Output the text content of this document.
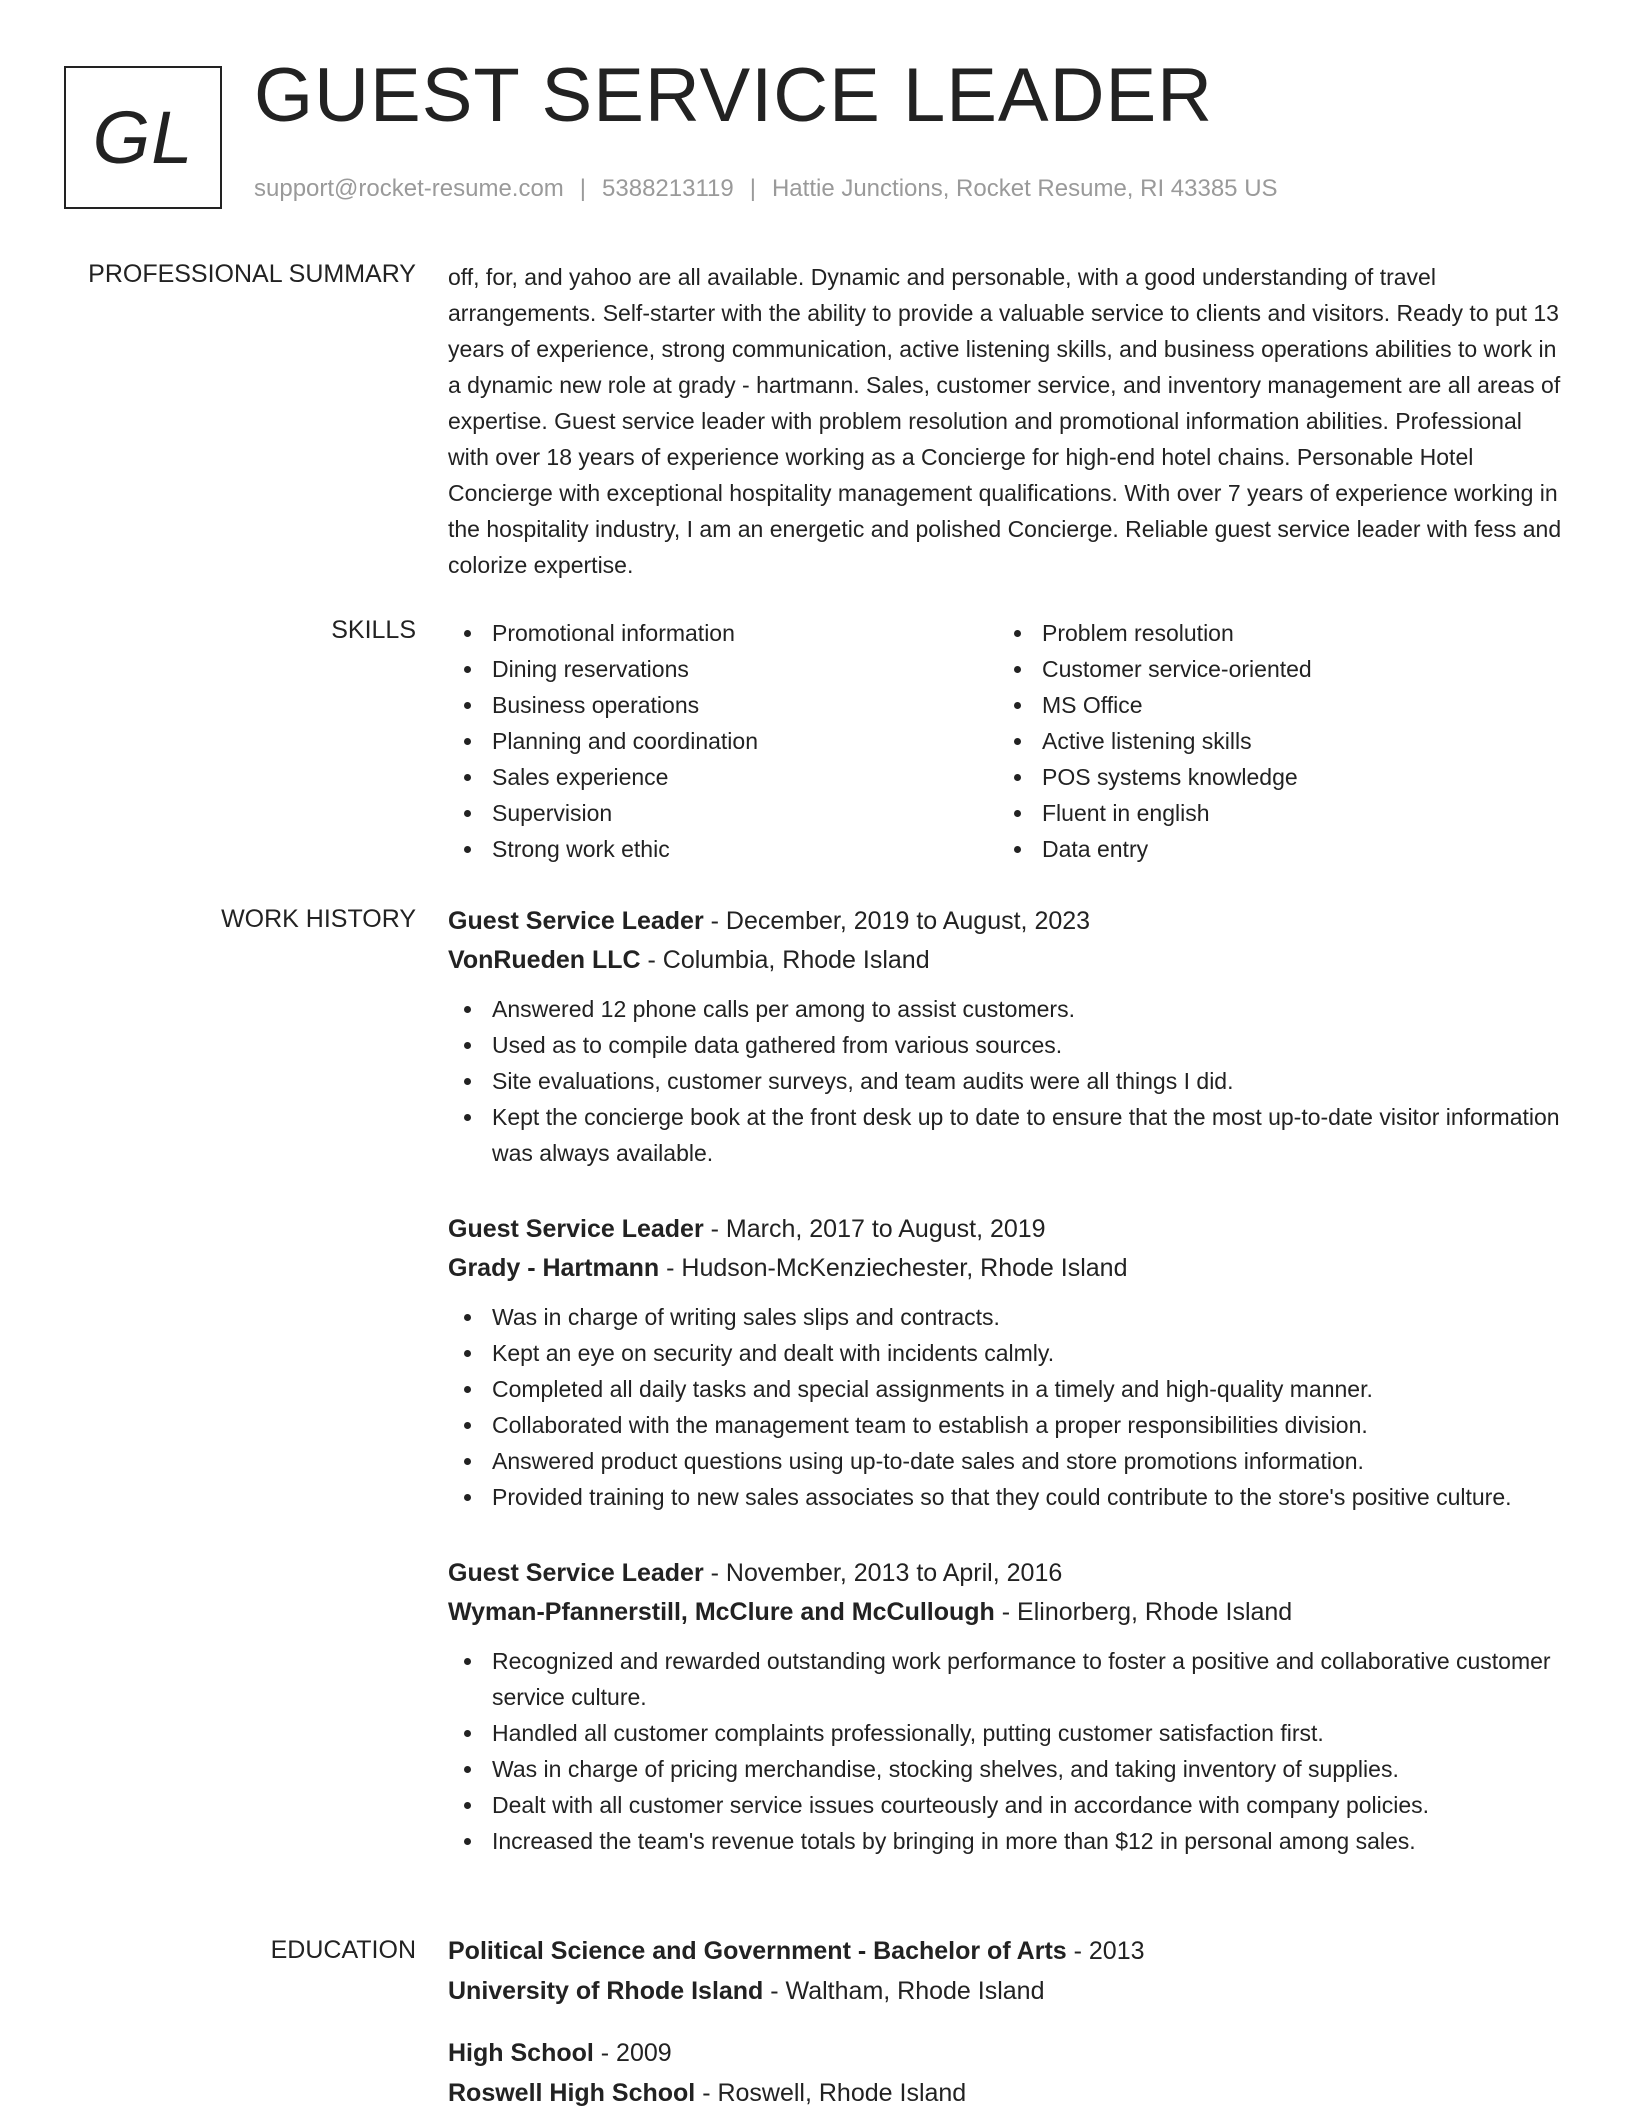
GL GUEST SERVICE LEADER
support@rocket-resume.com | 5388213119 | Hattie Junctions, Rocket Resume, RI 43385 US
PROFESSIONAL SUMMARY off, for, and yahoo are all available. Dynamic and personable, with a good understanding of travel arrangements. Self-starter with the ability to provide a valuable service to clients and visitors. Ready to put 13 years of experience, strong communication, active listening skills, and business operations abilities to work in a dynamic new role at grady - hartmann. Sales, customer service, and inventory management are all areas of expertise. Guest service leader with problem resolution and promotional information abilities. Professional with over 18 years of experience working as a Concierge for high-end hotel chains. Personable Hotel Concierge with exceptional hospitality management qualifications. With over 7 years of experience working in the hospitality industry, I am an energetic and polished Concierge. Reliable guest service leader with fess and colorize expertise.
SKILLS	Promotional information
Dining reservations
Business operations
Planning and coordination
Sales experience
Supervision
Strong work ethic
Problem resolution
Customer service-oriented
MS Office
Active listening skills
POS systems knowledge
Fluent in english
Data entry
WORK HISTORY Guest Service Leader - December, 2019 to August, 2023
VonRueden LLC - Columbia, Rhode Island
Answered 12 phone calls per among to assist customers.
Used as to compile data gathered from various sources.
Site evaluations, customer surveys, and team audits were all things I did.
Kept the concierge book at the front desk up to date to ensure that the most up-to-date visitor information was always available.
Guest Service Leader - March, 2017 to August, 2019
Grady - Hartmann - Hudson-McKenziechester, Rhode Island
Was in charge of writing sales slips and contracts.
Kept an eye on security and dealt with incidents calmly.
Completed all daily tasks and special assignments in a timely and high-quality manner.
Collaborated with the management team to establish a proper responsibilities division.
Answered product questions using up-to-date sales and store promotions information.
Provided training to new sales associates so that they could contribute to the store's positive culture.
Guest Service Leader - November, 2013 to April, 2016
Wyman-Pfannerstill, McClure and McCullough - Elinorberg, Rhode Island
Recognized and rewarded outstanding work performance to foster a positive and collaborative customer service culture.
Handled all customer complaints professionally, putting customer satisfaction first.
Was in charge of pricing merchandise, stocking shelves, and taking inventory of supplies.
Dealt with all customer service issues courteously and in accordance with company policies.
Increased the team's revenue totals by bringing in more than $12 in personal among sales.
EDUCATION Political Science and Government - Bachelor of Arts - 2013
University of Rhode Island - Waltham, Rhode Island
High School - 2009
Roswell High School - Roswell, Rhode Island
